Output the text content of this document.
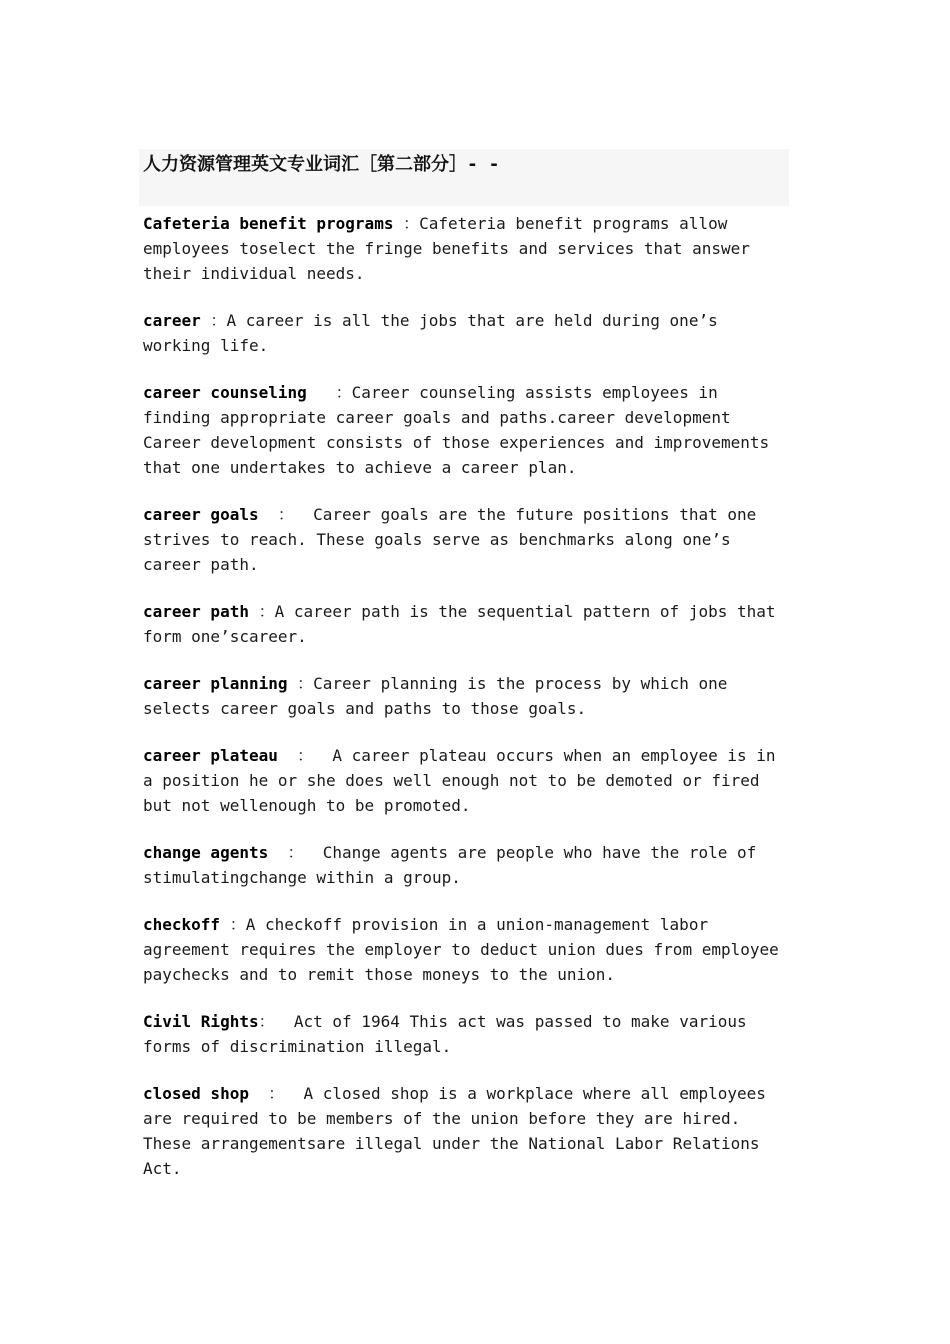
人力资源管理英文专业词汇［第二部分］- -
Cafeteria benefit programs ：Cafeteria benefit programs allow employees toselect the fringe benefits and services that answer their individual needs.
career ：A career is all the jobs that are held during one’s working life.
career counseling   ：Career counseling assists employees in finding appropriate career goals and paths.career development Career development consists of those experiences and improvements that one undertakes to achieve a career plan.
career goals  ：  Career goals are the future positions that one strives to reach. These goals serve as benchmarks along one’s career path.
career path ：A career path is the sequential pattern of jobs that form one’scareer.
career planning ：Career planning is the process by which one selects career goals and paths to those goals.
career plateau  ：  A career plateau occurs when an employee is in a position he or she does well enough not to be demoted or fired but not wellenough to be promoted.
change agents  ：  Change agents are people who have the role of stimulatingchange within a group.
checkoff ：A checkoff provision in a union-management labor agreement requires the employer to deduct union dues from employee paychecks and to remit those moneys to the union.
Civil Rights：  Act of 1964 This act was passed to make various forms of discrimination illegal.
closed shop  ：  A closed shop is a workplace where all employees are required to be members of the union before they are hired. These arrangementsare illegal under the National Labor Relations Act.
